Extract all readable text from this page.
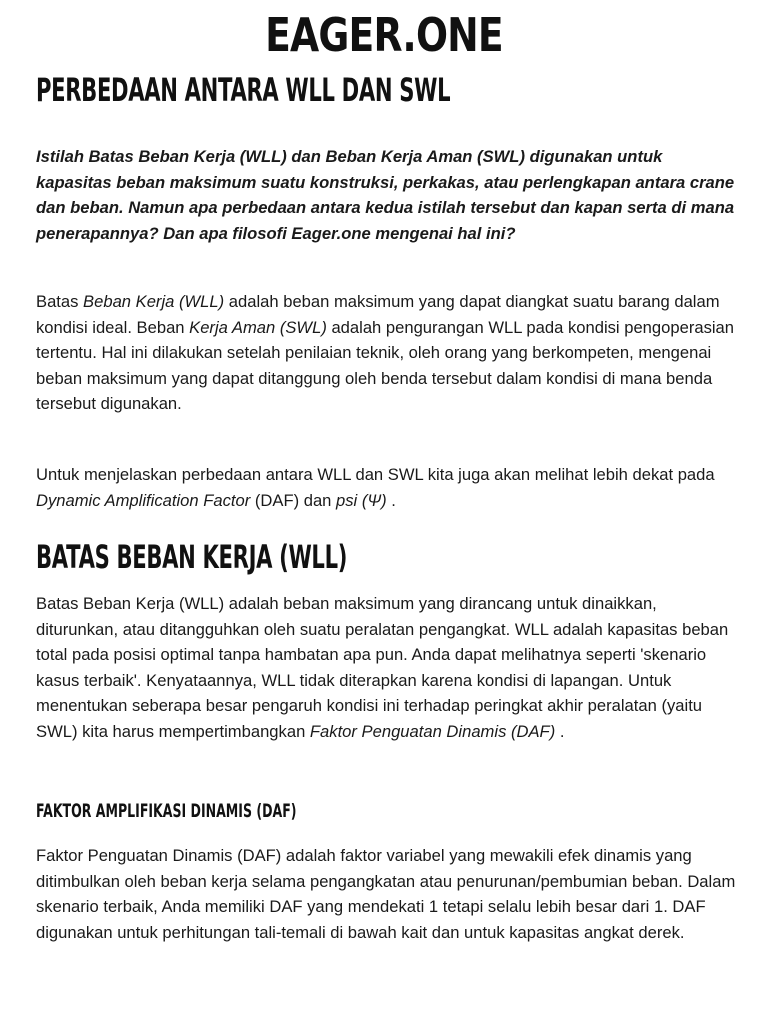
EAGER.ONE
PERBEDAAN ANTARA WLL DAN SWL

Istilah Batas Beban Kerja (WLL) dan Beban Kerja Aman (SWL) digunakan untuk kapasitas beban maksimum suatu konstruksi, perkakas, atau perlengkapan antara crane dan beban. Namun apa perbedaan antara kedua istilah tersebut dan kapan serta di mana penerapannya? Dan apa filosofi Eager.one mengenai hal ini?

Batas Beban Kerja (WLL) adalah beban maksimum yang dapat diangkat suatu barang dalam kondisi ideal. Beban Kerja Aman (SWL) adalah pengurangan WLL pada kondisi pengoperasian tertentu. Hal ini dilakukan setelah penilaian teknik, oleh orang yang berkompeten, mengenai beban maksimum yang dapat ditanggung oleh benda tersebut dalam kondisi di mana benda tersebut digunakan.

Untuk menjelaskan perbedaan antara WLL dan SWL kita juga akan melihat lebih dekat pada Dynamic Amplification Factor (DAF) dan psi (Ψ) .

BATAS BEBAN KERJA (WLL)

Batas Beban Kerja (WLL) adalah beban maksimum yang dirancang untuk dinaikkan, diturunkan, atau ditangguhkan oleh suatu peralatan pengangkat. WLL adalah kapasitas beban total pada posisi optimal tanpa hambatan apa pun. Anda dapat melihatnya seperti 'skenario kasus terbaik'. Kenyataannya, WLL tidak diterapkan karena kondisi di lapangan. Untuk menentukan seberapa besar pengaruh kondisi ini terhadap peringkat akhir peralatan (yaitu SWL) kita harus mempertimbangkan Faktor Penguatan Dinamis (DAF) .

FAKTOR AMPLIFIKASI DINAMIS (DAF)

Faktor Penguatan Dinamis (DAF) adalah faktor variabel yang mewakili efek dinamis yang ditimbulkan oleh beban kerja selama pengangkatan atau penurunan/pembumian beban. Dalam skenario terbaik, Anda memiliki DAF yang mendekati 1 tetapi selalu lebih besar dari 1. DAF digunakan untuk perhitungan tali-temali di bawah kait dan untuk kapasitas angkat derek.
